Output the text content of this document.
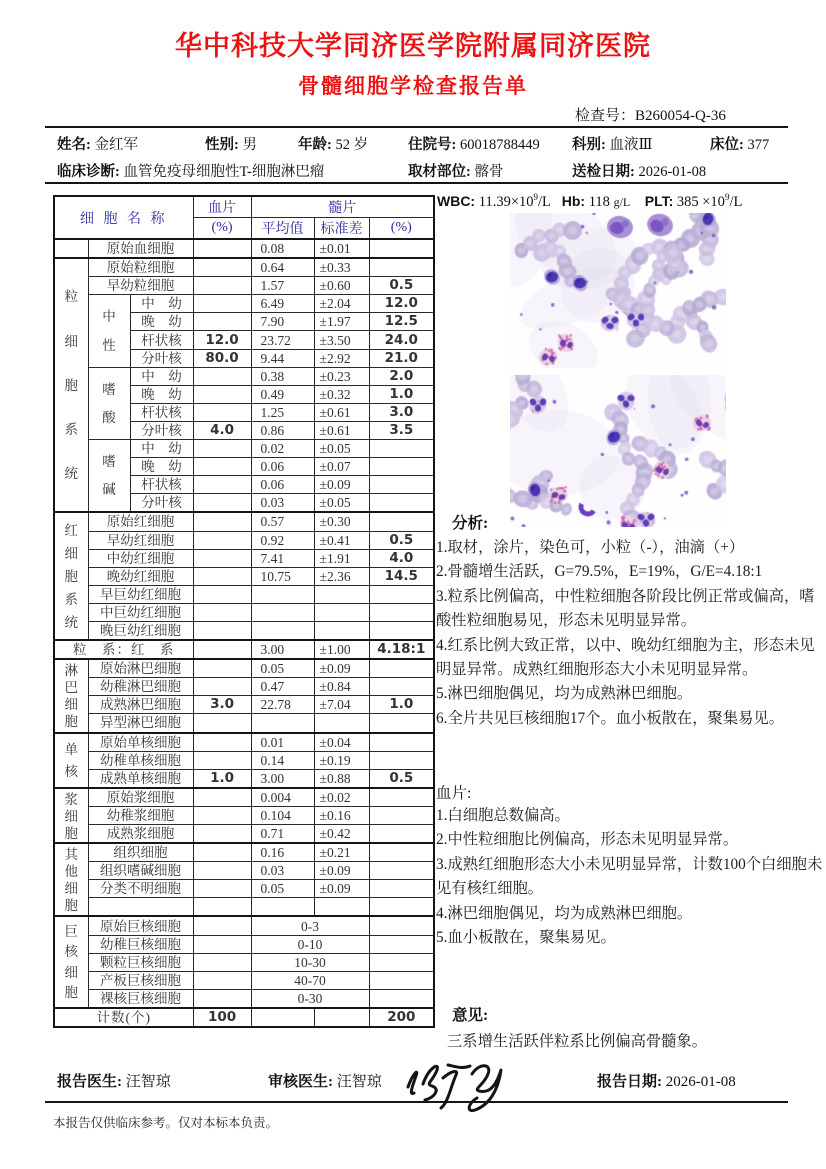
华中科技大学同济医学院附属同济医院
骨髓细胞学检查报告单
检查号：B260054-Q-36
姓名: 金红军	性别: 男	年龄: 52 岁	住院号: 60018788449 科别: 血液Ⅲ	床位: 377
临床诊断: 血管免疫母细胞性T-细胞淋巴瘤	取材部位: 髂骨	送检日期: 2026-01-08
细 胞 名 称			血片	髓片		
			(%)	平均值	标准差	(%)
	原始血细胞			0.08	±0.01	

粒
细
胞
系
统	原始粒细胞			0.64	±0.33	
	早幼粒细胞			1.57	±0.60	0.5

	中
性	中　幼		6.49	±2.04	12.0
		晚　幼		7.90	±1.97	12.5
		杆状核	12.0	23.72	±3.50	24.0
		分叶核	80.0	9.44	±2.92	21.0

	嗜
酸	中　幼		0.38	±0.23	2.0
		晚　幼		0.49	±0.32	1.0
		杆状核		1.25	±0.61	3.0
		分叶核	4.0	0.86	±0.61	3.5

	嗜
碱	中　幼		0.02	±0.05	
		晚　幼		0.06	±0.07	
		杆状核		0.06	±0.09	
		分叶核		0.03	±0.05	

红
细
胞
系
统	原始红细胞			0.57	±0.30	
	早幼红细胞			0.92	±0.41	0.5
	中幼红细胞			7.41	±1.91	4.0
	晚幼红细胞			10.75	±2.36	14.5
	早巨幼红细胞					
	中巨幼红细胞					
	晚巨幼红细胞					
粒　系：红　系				3.00	±1.00	4.18:1

淋
巴
细
胞	原始淋巴细胞			0.05	±0.09	
	幼稚淋巴细胞			0.47	±0.84	
	成熟淋巴细胞		3.0	22.78	±7.04	1.0
	异型淋巴细胞					

单
核	原始单核细胞			0.01	±0.04	
	幼稚单核细胞			0.14	±0.19	
	成熟单核细胞		1.0	3.00	±0.88	0.5

浆
细
胞	原始浆细胞			0.004	±0.02	
	幼稚浆细胞			0.104	±0.16	
	成熟浆细胞			0.71	±0.42	

其
他
细
胞	组织细胞			0.16	±0.21	
	组织嗜碱细胞			0.03	±0.09	
	分类不明细胞			0.05	±0.09	

巨
核
细
胞	原始巨核细胞			0-3		
	幼稚巨核细胞			0-10		
	颗粒巨核细胞			10-30		
	产板巨核细胞			40-70		
	裸核巨核细胞			0-30		
计数(个)			100			200
WBC: $11.39\times 10^9/L$ Hb: 118 g/L PLT: $385 \times 10^9/L$
分析:
1.取材，涂片，染色可，小粒（-），油滴（+）
2.骨髓增生活跃，G=79.5%，E=19%，G/E=4.18:1
3.粒系比例偏高，中性粒细胞各阶段比例正常或偏高，嗜酸性粒细胞易见，形态未见明显异常。
4.红系比例大致正常，以中、晚幼红细胞为主，形态未见明显异常。成熟红细胞形态大小未见明显异常。
5.淋巴细胞偶见，均为成熟淋巴细胞。
6.全片共见巨核细胞17个。血小板散在，聚集易见。
血片:
1.白细胞总数偏高。
2.中性粒细胞比例偏高，形态未见明显异常。
3.成熟红细胞形态大小未见明显异常，计数100个白细胞未见有核红细胞。
4.淋巴细胞偶见，均为成熟淋巴细胞。
5.血小板散在，聚集易见。
意见:
三系增生活跃伴粒系比例偏高骨髓象。
报告医生: 汪智琼	审核医生: 汪智琼	报告日期: 2026-01-08
本报告仅供临床参考。仅对本标本负责。
